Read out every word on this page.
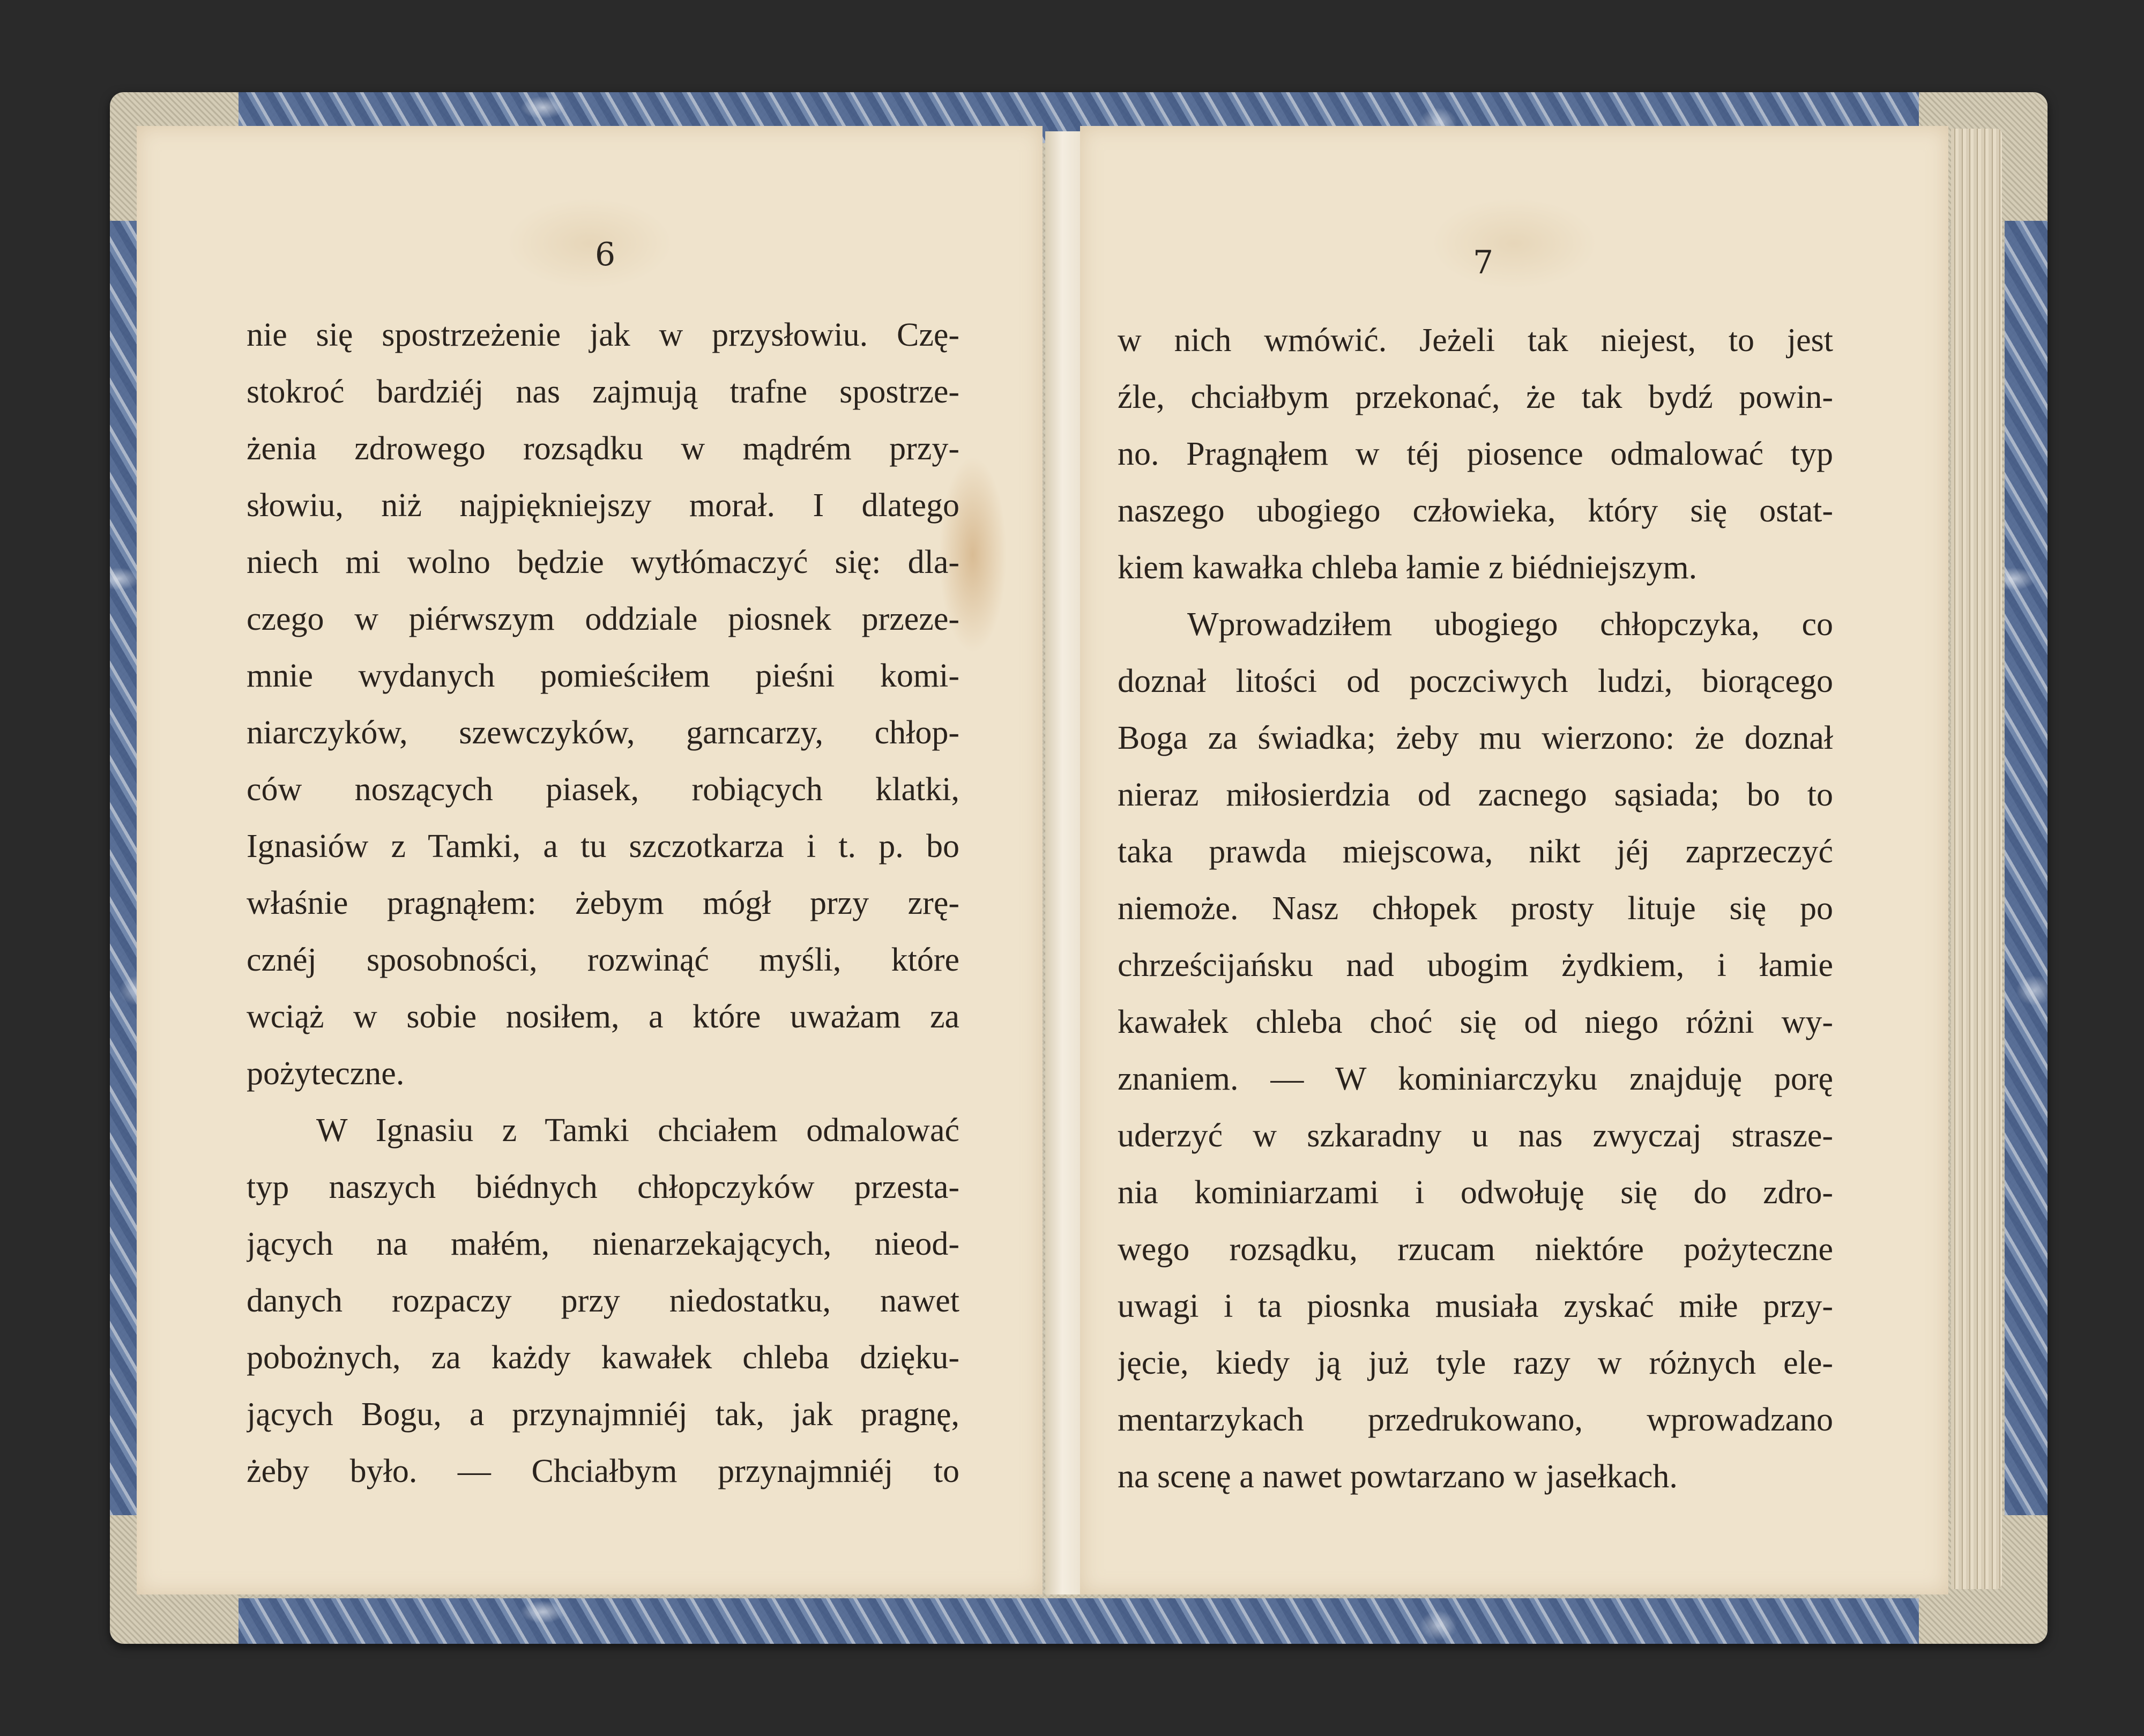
6	7
nie się spostrzeżenie jak w przysłowiu. Czę-
stokroć bardziéj nas zajmują trafne spostrze-
żenia zdrowego rozsądku w mądrém przy-
słowiu, niż najpiękniejszy morał. I dlatego
niech mi wolno będzie wytłómaczyć się: dla-
czego w piérwszym oddziale piosnek przeze-
mnie wydanych pomieściłem pieśni komi-
niarczyków, szewczyków, garncarzy, chłop-
ców noszących piasek, robiących klatki,
Ignasiów z Tamki, a tu szczotkarza i t. p. bo
właśnie pragnąłem: żebym mógł przy zrę-
cznéj sposobności, rozwinąć myśli, które
wciąż w sobie nosiłem, a które uważam za
pożyteczne.
W Ignasiu z Tamki chciałem odmalować
typ naszych biédnych chłopczyków przesta-
jących na małém, nienarzekających, nieod-
danych rozpaczy przy niedostatku, nawet
pobożnych, za każdy kawałek chleba dzięku-
jących Bogu, a przynajmniéj tak, jak pragnę,
żeby było. — Chciałbym przynajmniéj to
w nich wmówić. Jeżeli tak niejest, to jest
źle, chciałbym przekonać, że tak bydź powin-
no. Pragnąłem w téj piosence odmalować typ
naszego ubogiego człowieka, który się ostat-
kiem kawałka chleba łamie z biédniejszym.
Wprowadziłem ubogiego chłopczyka, co
doznał litości od poczciwych ludzi, biorącego
Boga za świadka; żeby mu wierzono: że doznał
nieraz miłosierdzia od zacnego sąsiada; bo to
taka prawda miejscowa, nikt jéj zaprzeczyć
niemoże. Nasz chłopek prosty lituje się po
chrześcijańsku nad ubogim żydkiem, i łamie
kawałek chleba choć się od niego różni wy-
znaniem. — W kominiarczyku znajduję porę
uderzyć w szkaradny u nas zwyczaj strasze-
nia kominiarzami i odwołuję się do zdro-
wego rozsądku, rzucam niektóre pożyteczne
uwagi i ta piosnka musiała zyskać miłe przy-
jęcie, kiedy ją już tyle razy w różnych ele-
mentarzykach przedrukowano, wprowadzano
na scenę a nawet powtarzano w jasełkach.
